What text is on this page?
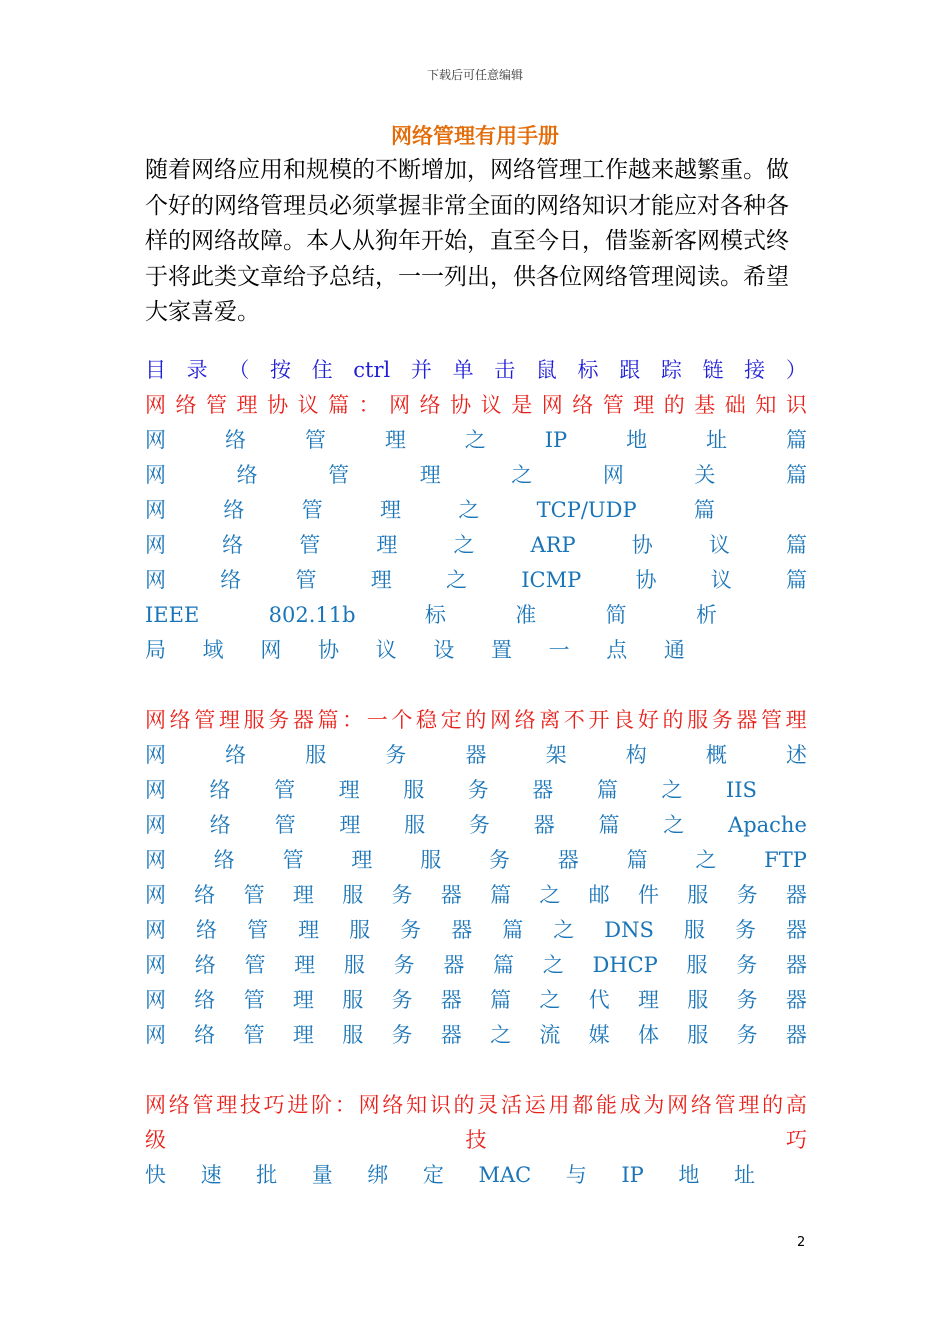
下载后可任意编辑
网络管理有用手册
随着网络应用和规模的不断增加，网络管理工作越来越繁重。做
个好的网络管理员必须掌握非常全面的网络知识才能应对各种各
样的网络故障。本人从狗年开始，直至今日，借鉴新客网模式终
于将此类文章给予总结，一一列出，供各位网络管理阅读。希望
大家喜爱。
目 录 （ 按 住 ctrl 并 单 击 鼠 标 跟 踪 链 接 ）
网 络 管 理 协 议 篇 ： 网 络 协 议 是 网 络 管 理 的 基 础 知 识
网	络	管	理	之	IP	地	址	篇
网	络	管	理	之	网	关	篇
网	络	管	理	之	TCP/UDP	篇
网	络	管	理	之	ARP	协	议	篇
网	络	管	理	之	ICMP	协	议	篇
IEEE	802.11b	标	准	简	析
局 域 网 协 议 设 置 一 点 通
网 络 管 理 服 务 器 篇 ： 一 个 稳 定 的 网 络 离 不 开 良 好 的 服 务 器 管 理
网	络	服	务	器	架	构	概	述
网 络 管 理 服 务 器 篇 之 IIS
网 络 管 理 服 务 器 篇 之 Apache
网 络 管 理 服 务 器 篇 之 FTP
网 络 管 理 服 务 器 篇 之 邮 件 服 务 器
网 络 管 理 服 务 器 篇 之 DNS 服 务 器
网 络 管 理 服 务 器 篇 之 DHCP 服 务 器
网 络 管 理 服 务 器 篇 之 代 理 服 务 器
网 络 管 理 服 务 器 之 流 媒 体 服 务 器
网 络 管 理 技 巧 进 阶 ： 网 络 知 识 的 灵 活 运 用 都 能 成 为 网 络 管 理 的 高
级	技	巧
快 速 批 量 绑 定 MAC 与 IP 地 址
2
